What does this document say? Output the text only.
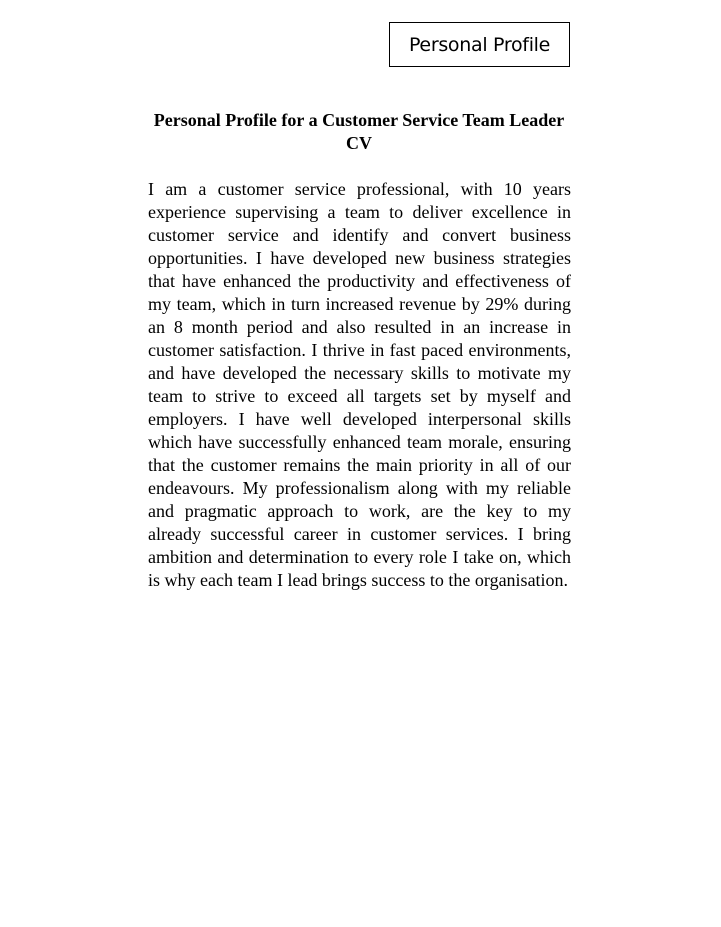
Personal Profile
Personal Profile for a Customer Service Team Leader CV

I am a customer service professional, with 10 years experience supervising a team to deliver excellence in customer service and identify and convert business opportunities. I have developed new business strategies that have enhanced the productivity and effectiveness of my team, which in turn increased revenue by 29% during an 8 month period and also resulted in an increase in customer satisfaction. I thrive in fast paced environments, and have developed the necessary skills to motivate my team to strive to exceed all targets set by myself and employers. I have well developed interpersonal skills which have successfully enhanced team morale, ensuring that the customer remains the main priority in all of our endeavours. My professionalism along with my reliable and pragmatic approach to work, are the key to my already successful career in customer services. I bring ambition and determination to every role I take on, which is why each team I lead brings success to the organisation.
